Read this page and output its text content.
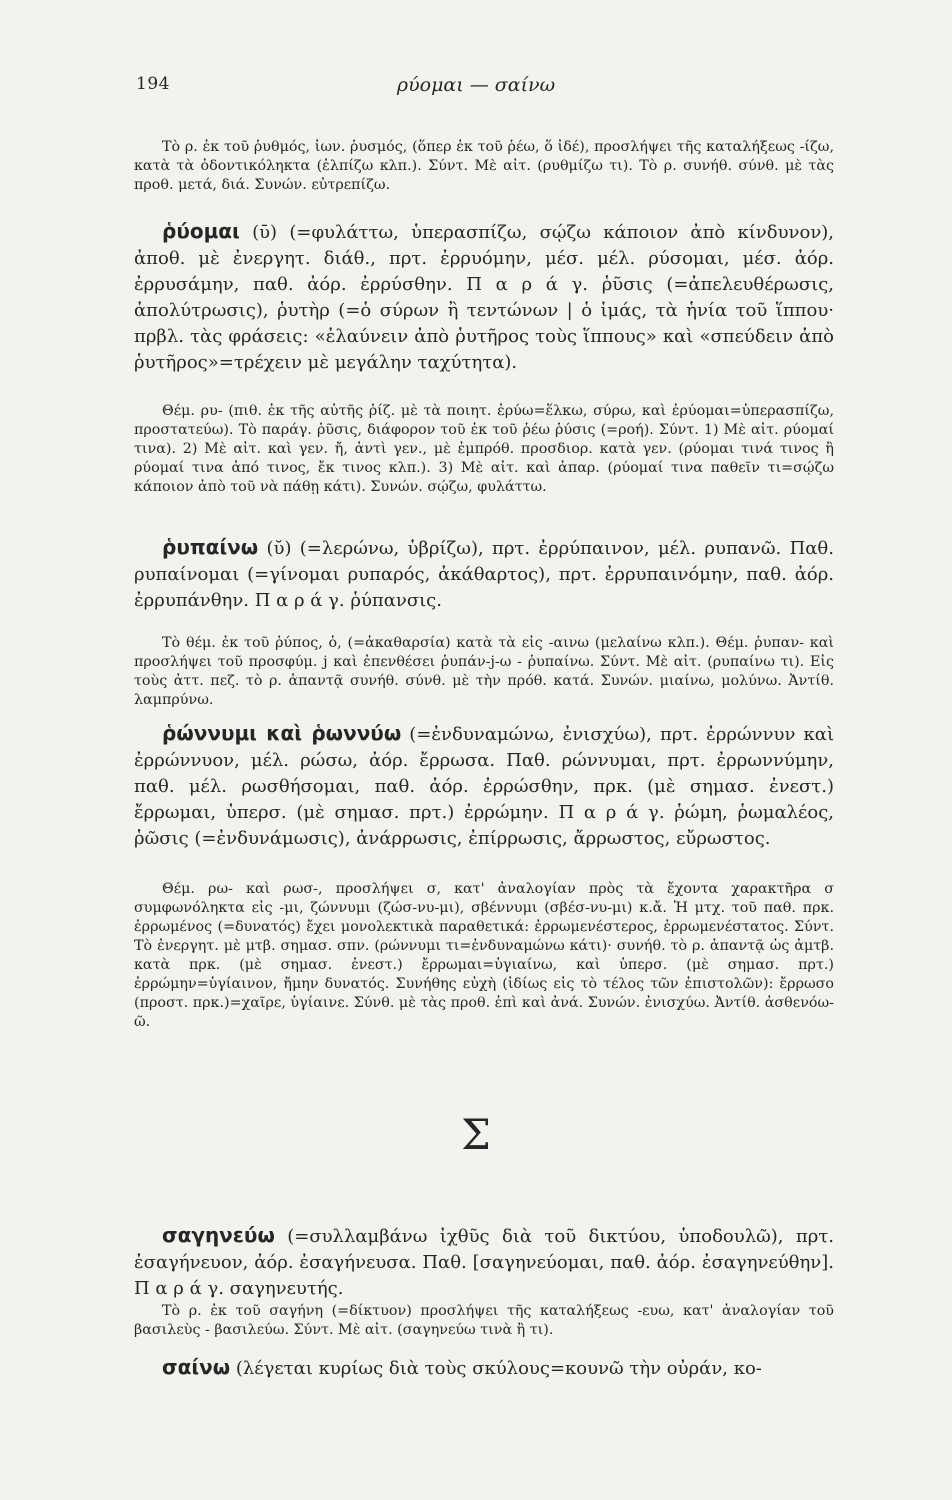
194	ρύομαι — σαίνω

Τὸ ρ. ἐκ τοῦ ῥυθμός, ἰων. ῥυσμός, (ὅπερ ἐκ τοῦ ῥέω, ὅ ἰδέ), προσλήψει τῆς καταλήξεως -ίζω, κατὰ τὰ ὀδοντικόληκτα (ἐλπίζω κλπ.). Σύντ. Μὲ αἰτ. (ρυθμίζω τι). Τὸ ρ. συνήθ. σύνθ. μὲ τὰς προθ. μετά, διά. Συνών. εὐτρεπίζω.

ῥύομαι (ῡ) (=φυλάττω, ὑπερασπίζω, σῴζω κάποιον ἀπὸ κίνδυνον), ἀποθ. μὲ ἐνεργητ. διάθ., πρτ. ἐρρυόμην, μέσ. μέλ. ρύσομαι, μέσ. ἀόρ. ἐρρυσάμην, παθ. ἀόρ. ἐρρύσθην. Π α ρ ά γ. ῥῦσις (=ἀπελευθέρωσις, ἀπολύτρωσις), ῥυτὴρ (=ὁ σύρων ἢ τεντώνων | ὁ ἱμάς, τὰ ἡνία τοῦ ἵππου· πρβλ. τὰς φράσεις: «ἐλαύνειν ἀπὸ ῥυτῆρος τοὺς ἵππους» καὶ «σπεύδειν ἀπὸ ῥυτῆρος»=τρέχειν μὲ μεγάλην ταχύτητα).

Θέμ. ρυ- (πιθ. ἐκ τῆς αὐτῆς ῥίζ. μὲ τὰ ποιητ. ἐρύω=ἕλκω, σύρω, καὶ ἐρύομαι=ὑπερασπίζω, προστατεύω). Τὸ παράγ. ῥῦσις, διάφορον τοῦ ἐκ τοῦ ῥέω ῥύσις (=ροή). Σύντ. 1) Μὲ αἰτ. ρύομαί τινα). 2) Μὲ αἰτ. καὶ γεν. ἤ, ἀντὶ γεν., μὲ ἐμπρόθ. προσδιορ. κατὰ γεν. (ρύομαι τινά τινος ἢ ρύομαί τινα ἀπό τινος, ἔκ τινος κλπ.). 3) Μὲ αἰτ. καὶ ἀπαρ. (ρύομαί τινα παθεῖν τι=σῴζω κάποιον ἀπὸ τοῦ νὰ πάθῃ κάτι). Συνών. σῴζω, φυλάττω.

ῥυπαίνω (ῠ) (=λερώνω, ὑβρίζω), πρτ. ἐρρύπαινον, μέλ. ρυπανῶ. Παθ. ρυπαίνομαι (=γίνομαι ρυπαρός, ἀκάθαρτος), πρτ. ἐρρυπαινόμην, παθ. ἀόρ. ἐρρυπάνθην. Π α ρ ά γ. ῥύπανσις.

Τὸ θέμ. ἐκ τοῦ ῥύπος, ὁ, (=ἀκαθαρσία) κατὰ τὰ εἰς -αινω (μελαίνω κλπ.). Θέμ. ῥυπαν- καὶ προσλήψει τοῦ προσφύμ. j καὶ ἐπενθέσει ῥυπάν-j-ω - ῥυπαίνω. Σύντ. Μὲ αἰτ. (ρυπαίνω τι). Εἰς τοὺς ἀττ. πεζ. τὸ ρ. ἀπαντᾷ συνήθ. σύνθ. μὲ τὴν πρόθ. κατά. Συνών. μιαίνω, μολύνω. Ἀντίθ. λαμπρύνω.

ῥώννυμι καὶ ῥωννύω (=ἐνδυναμώνω, ἐνισχύω), πρτ. ἐρρώννυν καὶ ἐρρώννυον, μέλ. ρώσω, ἀόρ. ἔρρωσα. Παθ. ρώννυμαι, πρτ. ἐρρωννύμην, παθ. μέλ. ρωσθήσομαι, παθ. ἀόρ. ἐρρώσθην, πρκ. (μὲ σημασ. ἐνεστ.) ἔρρωμαι, ὑπερσ. (μὲ σημασ. πρτ.) ἐρρώμην. Π α ρ ά γ. ῥώμη, ῥωμαλέος, ῥῶσις (=ἐνδυνάμωσις), ἀνάρρωσις, ἐπίρρωσις, ἄρρωστος, εὔρωστος.

Θέμ. ρω- καὶ ρωσ-, προσλήψει σ, κατ' ἀναλογίαν πρὸς τὰ ἔχοντα χαρακτῆρα σ συμφωνόληκτα εἰς -μι, ζώννυμι (ζώσ-νυ-μι), σβέννυμι (σβέσ-νυ-μι) κ.ἄ. Ἡ μτχ. τοῦ παθ. πρκ. ἐρρωμένος (=δυνατός) ἔχει μονολεκτικὰ παραθετικά: ἐρρωμενέστερος, ἐρρωμενέστατος. Σύντ. Τὸ ἐνεργητ. μὲ μτβ. σημασ. σπν. (ρώννυμι τι=ἐνδυναμώνω κάτι)· συνήθ. τὸ ρ. ἀπαντᾷ ὡς ἀμτβ. κατὰ πρκ. (μὲ σημασ. ἐνεστ.) ἔρρωμαι=ὑγιαίνω, καὶ ὑπερσ. (μὲ σημασ. πρτ.) ἐρρώμην=ὑγίαινον, ἤμην δυνατός. Συνήθης εὐχὴ (ἰδίως εἰς τὸ τέλος τῶν ἐπιστολῶν): ἔρρωσο (προστ. πρκ.)=χαῖρε, ὑγίαινε. Σύνθ. μὲ τὰς προθ. ἐπὶ καὶ ἀνά. Συνών. ἐνισχύω. Ἀντίθ. ἀσθενόω-ῶ.

Σ

σαγηνεύω (=συλλαμβάνω ἰχθῦς διὰ τοῦ δικτύου, ὑποδουλῶ), πρτ. ἐσαγήνευον, ἀόρ. ἐσαγήνευσα. Παθ. [σαγηνεύομαι, παθ. ἀόρ. ἐσαγηνεύθην]. Π α ρ ά γ. σαγηνευτής.

Τὸ ρ. ἐκ τοῦ σαγήνη (=δίκτυον) προσλήψει τῆς καταλήξεως -ευω, κατ' ἀναλογίαν τοῦ βασιλεὺς - βασιλεύω. Σύντ. Μὲ αἰτ. (σαγηνεύω τινὰ ἢ τι).

σαίνω (λέγεται κυρίως διὰ τοὺς σκύλους=κουνῶ τὴν οὐράν, κο-
